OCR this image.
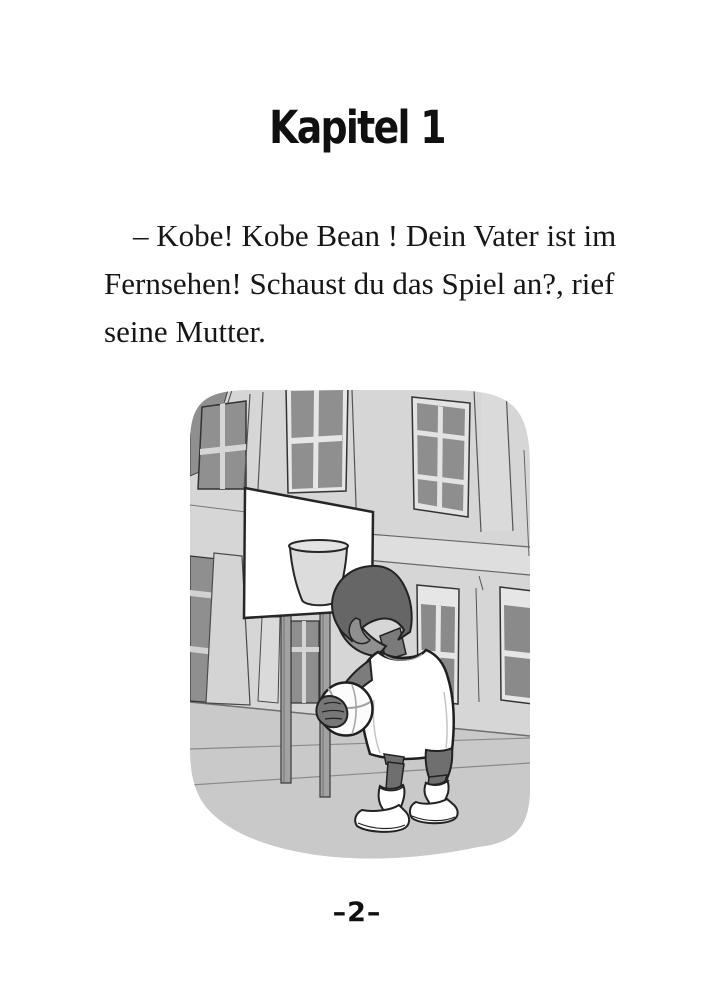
Kapitel 1
– Kobe! Kobe Bean ! Dein Vater ist im
Fernsehen! Schaust du das Spiel an?, rief
seine Mutter.
–2–
